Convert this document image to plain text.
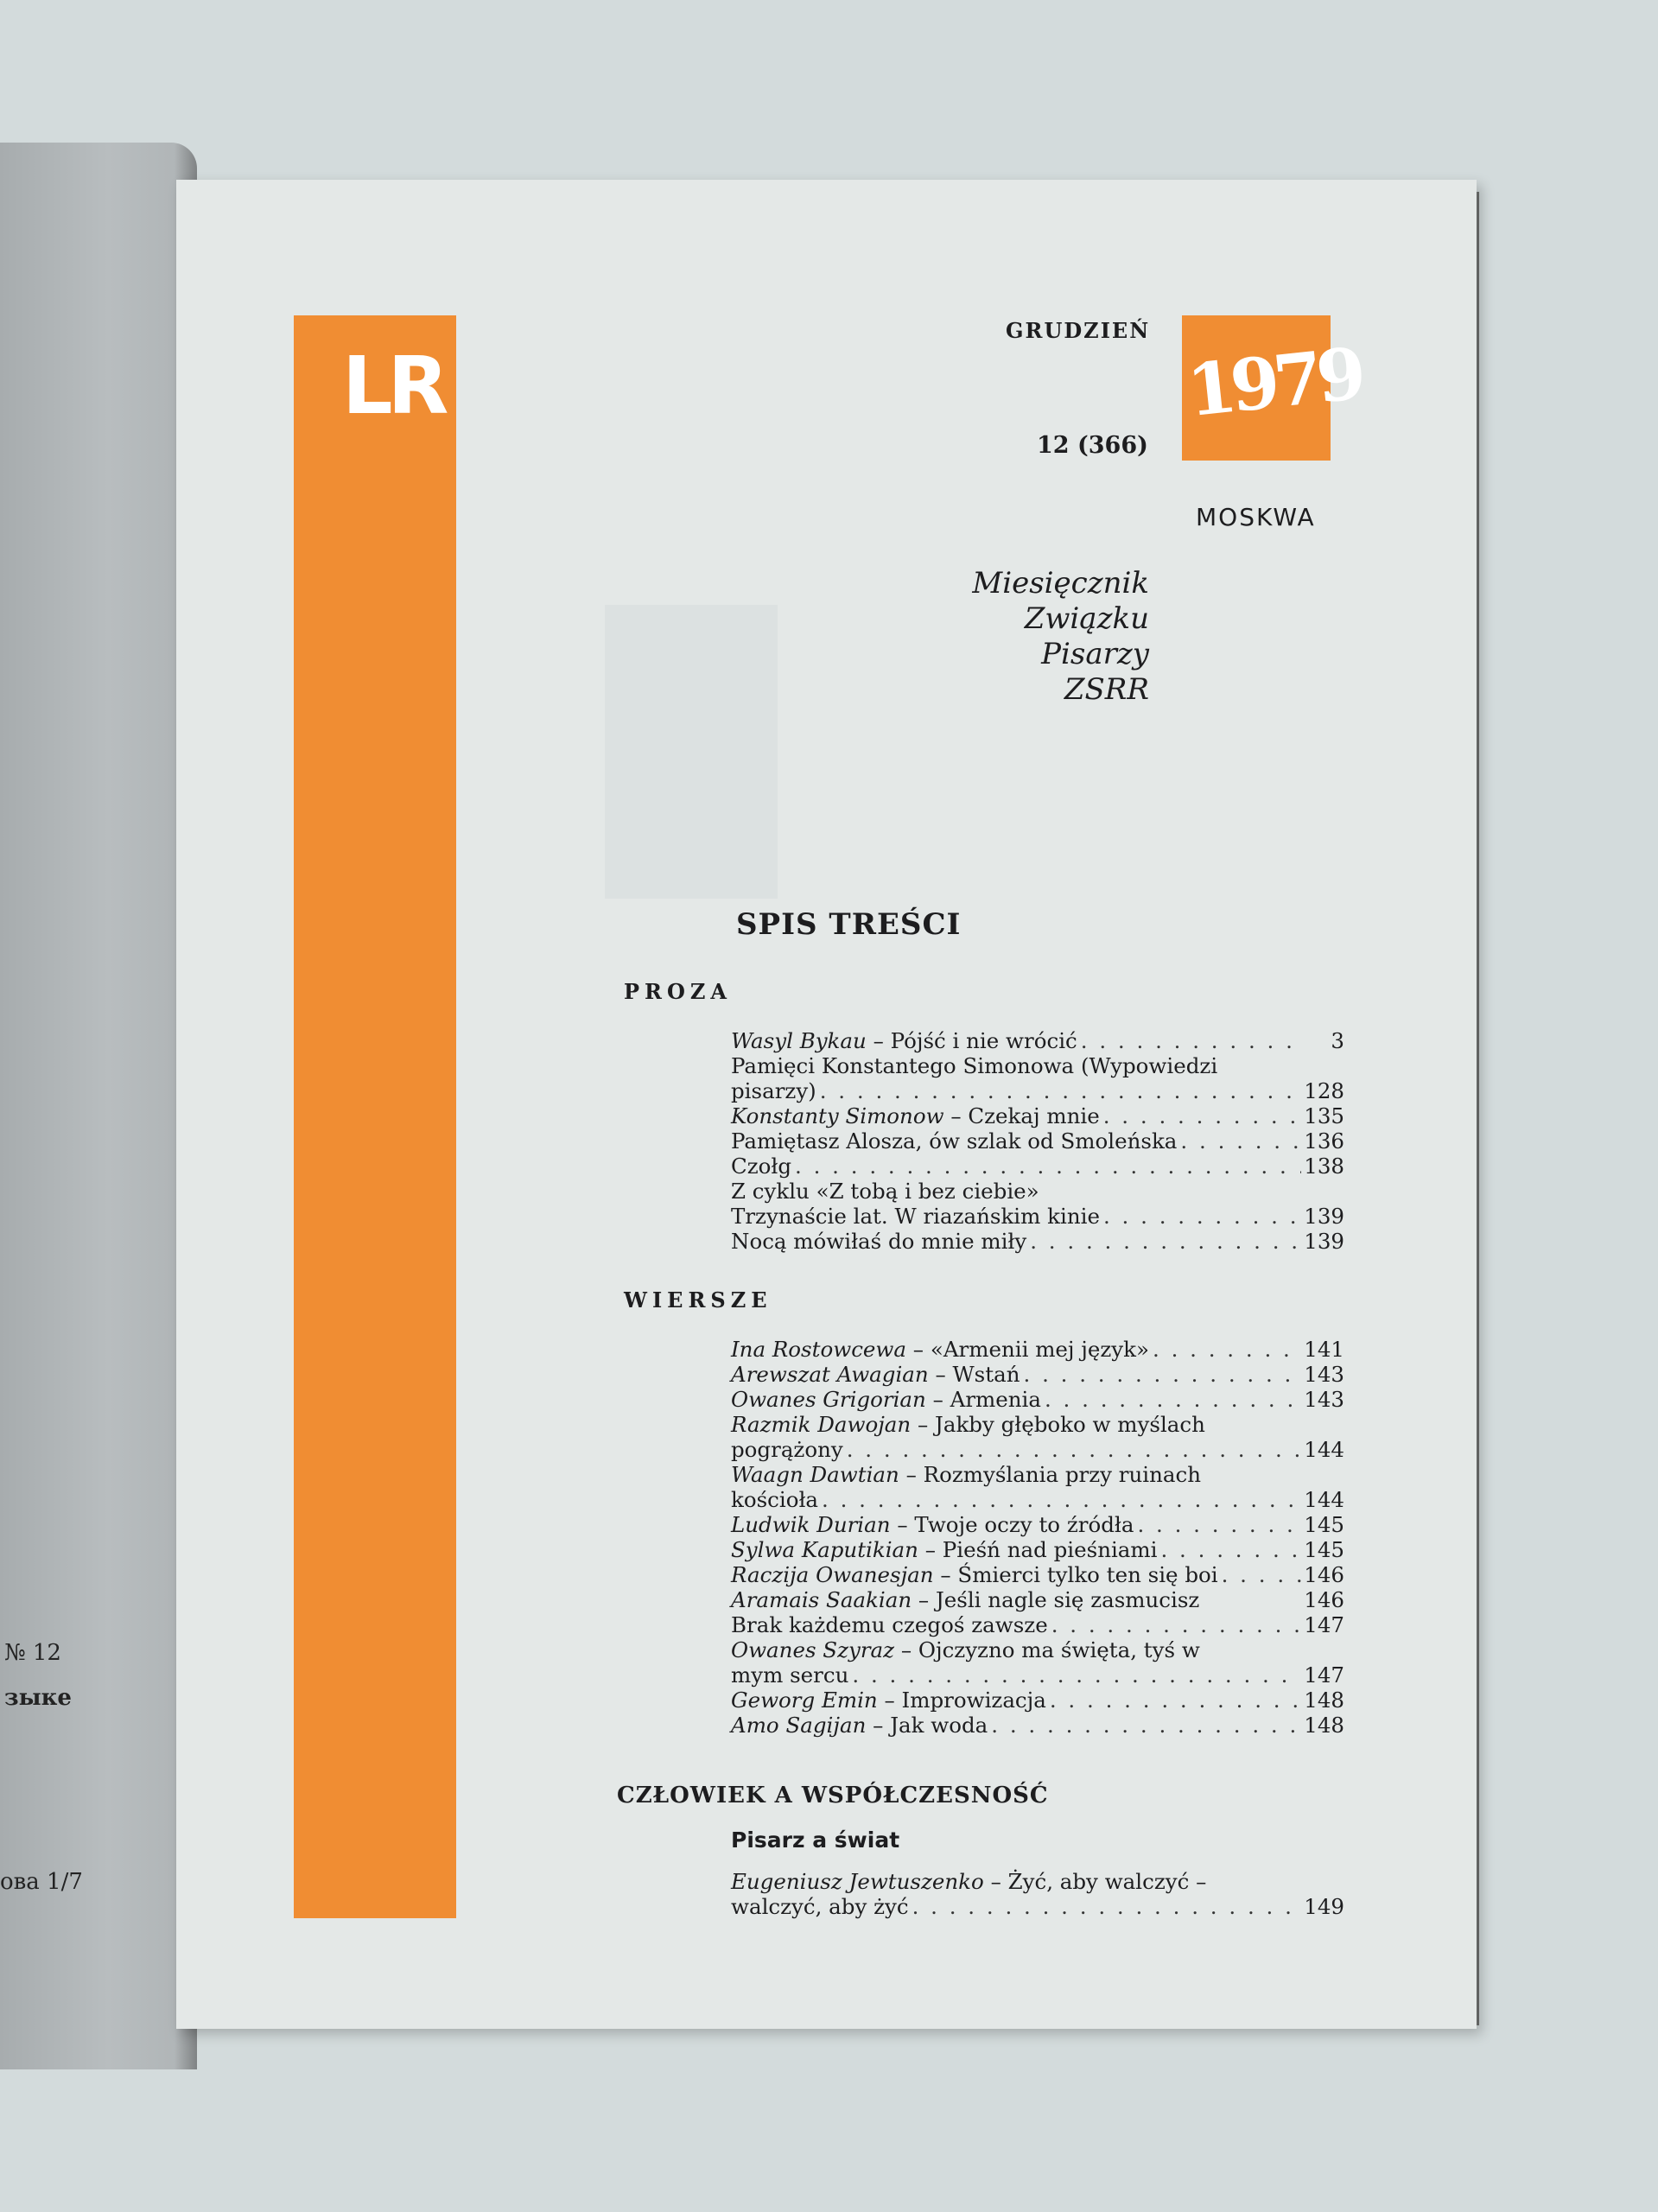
№ 12
зыке
ова 1/7
LR
GRUDZIEŃ
1979
12 (366)
MOSKWA
Miesięcznik
Związku
Pisarzy
ZSRR
SPIS TREŚCI
PROZA
Wasyl Bykau – Pójść i nie wrócić . . .	3
Pamięci Konstantego Simonowa (Wypowiedzi
pisarzy) . . .	128
Konstanty Simonow – Czekaj mnie . . .	135
Pamiętasz Alosza, ów szlak od Smoleńska . . .	136
Czołg . . .	138
Z cyklu «Z tobą i bez ciebie»
Trzynaście lat. W riazańskim kinie . . .	139
Nocą mówiłaś do mnie miły . . .	139
WIERSZE
Ina Rostowcewa – «Armenii mej język» . . .	141
Arewszat Awagian – Wstań . . .	143
Owanes Grigorian – Armenia . . .	143
Razmik Dawojan – Jakby głęboko w myślach
pogrążony . . .	144
Waagn Dawtian – Rozmyślania przy ruinach
kościoła . . .	144
Ludwik Durian – Twoje oczy to źródła . . .	145
Sylwa Kaputikian – Pieśń nad pieśniami . . .	145
Raczija Owanesjan – Śmierci tylko ten się boi . . .	146
Aramais Saakian – Jeśli nagle się zasmucisz	146
Brak każdemu czegoś zawsze . . .	147
Owanes Szyraz – Ojczyzno ma święta, tyś w
mym sercu . . .	147
Geworg Emin – Improwizacja . . .	148
Amo Sagijan – Jak woda . . .	148
CZŁOWIEK A WSPÓŁCZESNOŚĆ
Pisarz a świat
Eugeniusz Jewtuszenko – Żyć, aby walczyć –
walczyć, aby żyć . . .	149
